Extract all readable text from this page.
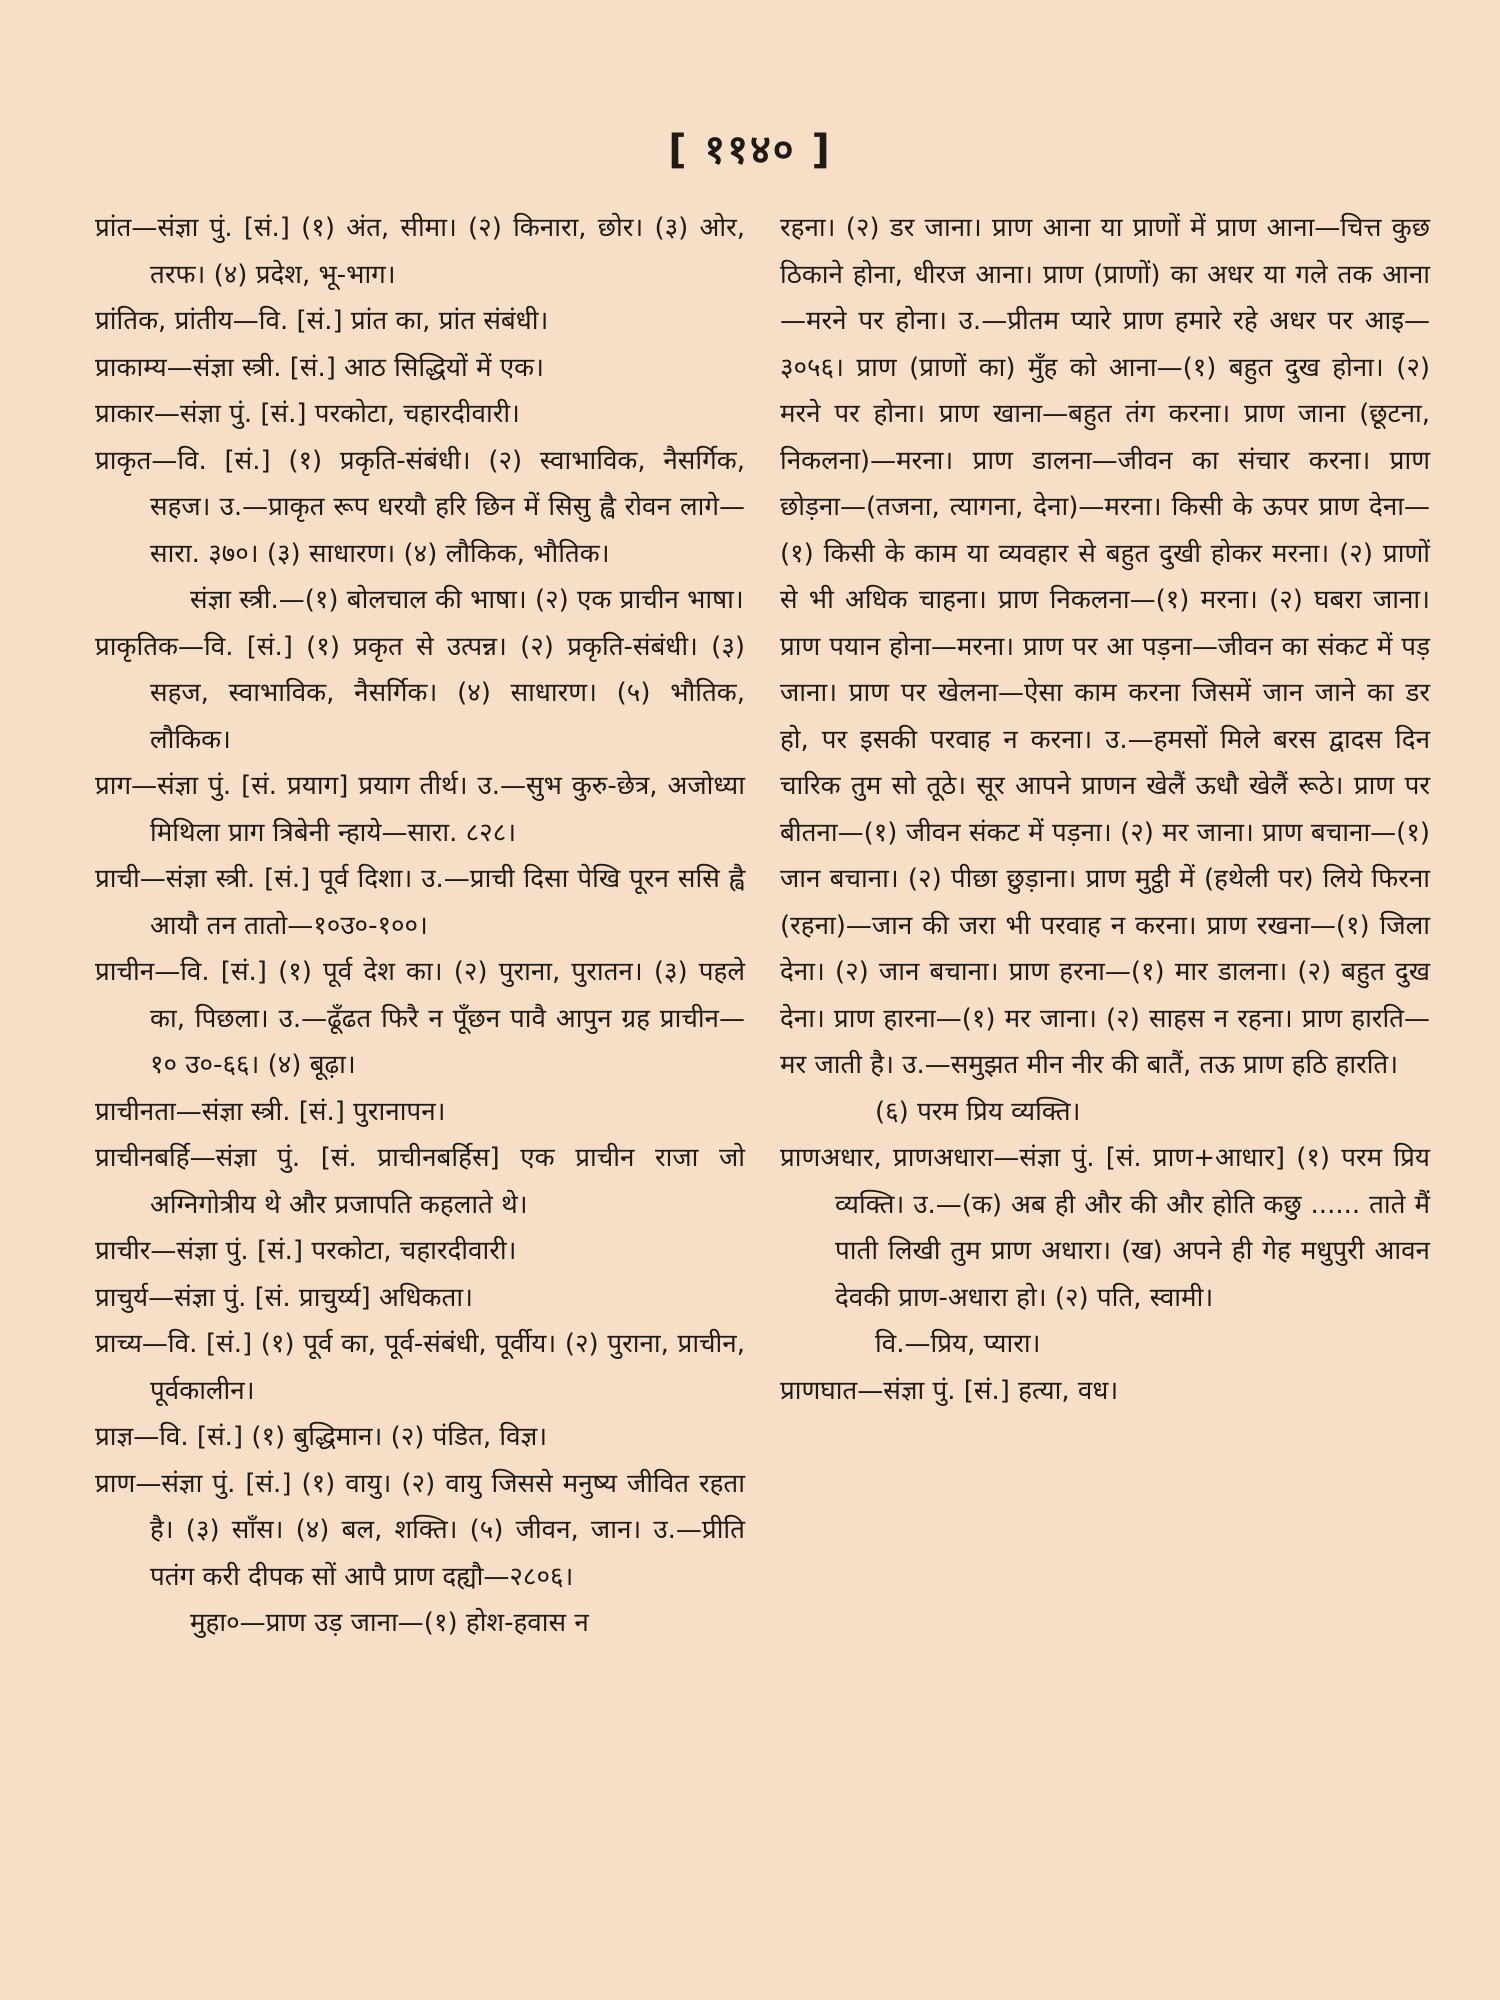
[ ११४० ]

प्रांत—संज्ञा पुं. [सं.] (१) अंत, सीमा। (२) किनारा, छोर। (३) ओर, तरफ। (४) प्रदेश, भू-भाग।

प्रांतिक, प्रांतीय—वि. [सं.] प्रांत का, प्रांत संबंधी।

प्राकाम्य—संज्ञा स्त्री. [सं.] आठ सिद्धियों में एक।

प्राकार—संज्ञा पुं. [सं.] परकोटा, चहारदीवारी।

प्राकृत—वि. [सं.] (१) प्रकृति-संबंधी। (२) स्वाभाविक, नैसर्गिक, सहज। उ.—प्राकृत रूप धरयौ हरि छिन में सिसु ह्वै रोवन लागे—सारा. ३७०। (३) साधारण। (४) लौकिक, भौतिक।

संज्ञा स्त्री.—(१) बोलचाल की भाषा। (२) एक प्राचीन भाषा।

प्राकृतिक—वि. [सं.] (१) प्रकृत से उत्पन्न। (२) प्रकृति-संबंधी। (३) सहज, स्वाभाविक, नैसर्गिक। (४) साधारण। (५) भौतिक, लौकिक।

प्राग—संज्ञा पुं. [सं. प्रयाग] प्रयाग तीर्थ। उ.—सुभ कुरु-छेत्र, अजोध्या मिथिला प्राग त्रिबेनी न्हाये—सारा. ८२८।

प्राची—संज्ञा स्त्री. [सं.] पूर्व दिशा। उ.—प्राची दिसा पेखि पूरन ससि ह्वै आयौ तन तातो—१०उ०-१००।

प्राचीन—वि. [सं.] (१) पूर्व देश का। (२) पुराना, पुरातन। (३) पहले का, पिछला। उ.—ढूँढत फिरै न पूँछन पावै आपुन ग्रह प्राचीन—१० उ०-६६। (४) बूढ़ा।

प्राचीनता—संज्ञा स्त्री. [सं.] पुरानापन।

प्राचीनबर्हि—संज्ञा पुं. [सं. प्राचीनबर्हिस] एक प्राचीन राजा जो अग्निगोत्रीय थे और प्रजापति कहलाते थे।

प्राचीर—संज्ञा पुं. [सं.] परकोटा, चहारदीवारी।

प्राचुर्य—संज्ञा पुं. [सं. प्राचुर्य्य] अधिकता।

प्राच्य—वि. [सं.] (१) पूर्व का, पूर्व-संबंधी, पूर्वीय। (२) पुराना, प्राचीन, पूर्वकालीन।

प्राज्ञ—वि. [सं.] (१) बुद्धिमान। (२) पंडित, विज्ञ।

प्राण—संज्ञा पुं. [सं.] (१) वायु। (२) वायु जिससे मनुष्य जीवित रहता है। (३) साँस। (४) बल, शक्ति। (५) जीवन, जान। उ.—प्रीति पतंग करी दीपक सों आपै प्राण दह्यौ—२८०६।

मुहा०—प्राण उड़ जाना—(१) होश-हवास न

रहना। (२) डर जाना। प्राण आना या प्राणों में प्राण आना—चित्त कुछ ठिकाने होना, धीरज आना। प्राण (प्राणों) का अधर या गले तक आना—मरने पर होना। उ.—प्रीतम प्यारे प्राण हमारे रहे अधर पर आइ—३०५६। प्राण (प्राणों का) मुँह को आना—(१) बहुत दुख होना। (२) मरने पर होना। प्राण खाना—बहुत तंग करना। प्राण जाना (छूटना, निकलना)—मरना। प्राण डालना—जीवन का संचार करना। प्राण छोड़ना—(तजना, त्यागना, देना)—मरना। किसी के ऊपर प्राण देना—(१) किसी के काम या व्यवहार से बहुत दुखी होकर मरना। (२) प्राणों से भी अधिक चाहना। प्राण निकलना—(१) मरना। (२) घबरा जाना। प्राण पयान होना—मरना। प्राण पर आ पड़ना—जीवन का संकट में पड़ जाना। प्राण पर खेलना—ऐसा काम करना जिसमें जान जाने का डर हो, पर इसकी परवाह न करना। उ.—हमसों मिले बरस द्वादस दिन चारिक तुम सो तूठे। सूर आपने प्राणन खेलैं ऊधौ खेलैं रूठे। प्राण पर बीतना—(१) जीवन संकट में पड़ना। (२) मर जाना। प्राण बचाना—(१) जान बचाना। (२) पीछा छुड़ाना। प्राण मुट्ठी में (हथेली पर) लिये फिरना (रहना)—जान की जरा भी परवाह न करना। प्राण रखना—(१) जिला देना। (२) जान बचाना। प्राण हरना—(१) मार डालना। (२) बहुत दुख देना। प्राण हारना—(१) मर जाना। (२) साहस न रहना। प्राण हारति—मर जाती है। उ.—समुझत मीन नीर की बातैं, तऊ प्राण हठि हारति।

(६) परम प्रिय व्यक्ति।

प्राणअधार, प्राणअधारा—संज्ञा पुं. [सं. प्राण+आधार] (१) परम प्रिय व्यक्ति। उ.—(क) अब ही और की और होति कछु ...... ताते मैं पाती लिखी तुम प्राण अधारा। (ख) अपने ही गेह मधुपुरी आवन देवकी प्राण-अधारा हो। (२) पति, स्वामी।

वि.—प्रिय, प्यारा।

प्राणघात—संज्ञा पुं. [सं.] हत्या, वध।
